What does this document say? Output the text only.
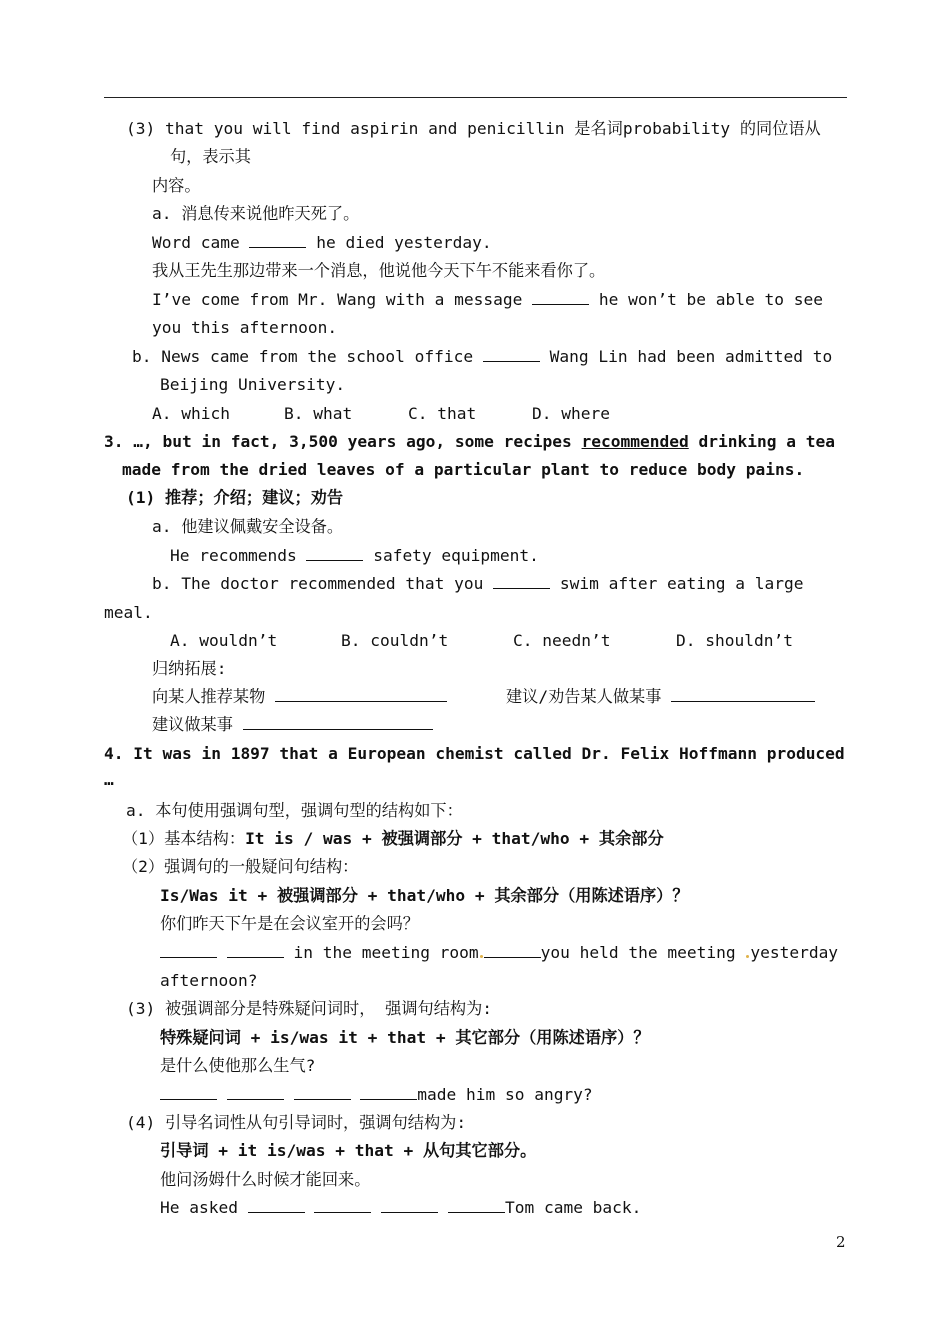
(3) that you will find aspirin and penicillin 是名词probability 的同位语从
句，表示其
内容。
a. 消息传来说他昨天死了。
Word came	he died yesterday.
我从王先生那边带来一个消息，他说他今天下午不能来看你了。
I’ve come from Mr. Wang with a message	he won’t be able to see
you this afternoon.
b. News came from the school office	Wang Lin had been admitted to
Beijing University.
A. which	B. what	C. that	D. where
3. …, but in fact, 3,500 years ago, some recipes recommended drinking a tea
made from the dried leaves of a particular plant to reduce body pains.
(1) 推荐；介绍；建议；劝告
a. 他建议佩戴安全设备。
He recommends	safety equipment.
b. The doctor recommended that you	swim after eating a large
meal.
A. wouldn’t	B. couldn’t	C. needn’t	D. shouldn’t
归纳拓展:
向某人推荐某物	建议/劝告某人做某事
建议做某事
4. It was in 1897 that a European chemist called Dr. Felix Hoffmann produced
…
a. 本句使用强调句型，强调句型的结构如下：
（1）基本结构：It is / was + 被强调部分 + that/who + 其余部分
（2）强调句的一般疑问句结构：
Is/Was it + 被强调部分 + that/who + 其余部分（用陈述语序）？
你们昨天下午是在会议室开的会吗？
in the meeting room	you held the meeting yesterday
afternoon?
(3) 被强调部分是特殊疑问词时， 强调句结构为:
特殊疑问词 + is/was it + that + 其它部分（用陈述语序）？
是什么使他那么生气?
made him so angry?
(4) 引导名词性从句引导词时，强调句结构为:
引导词 + it is/was + that + 从句其它部分。
他问汤姆什么时候才能回来。
He asked	Tom came back.
2
